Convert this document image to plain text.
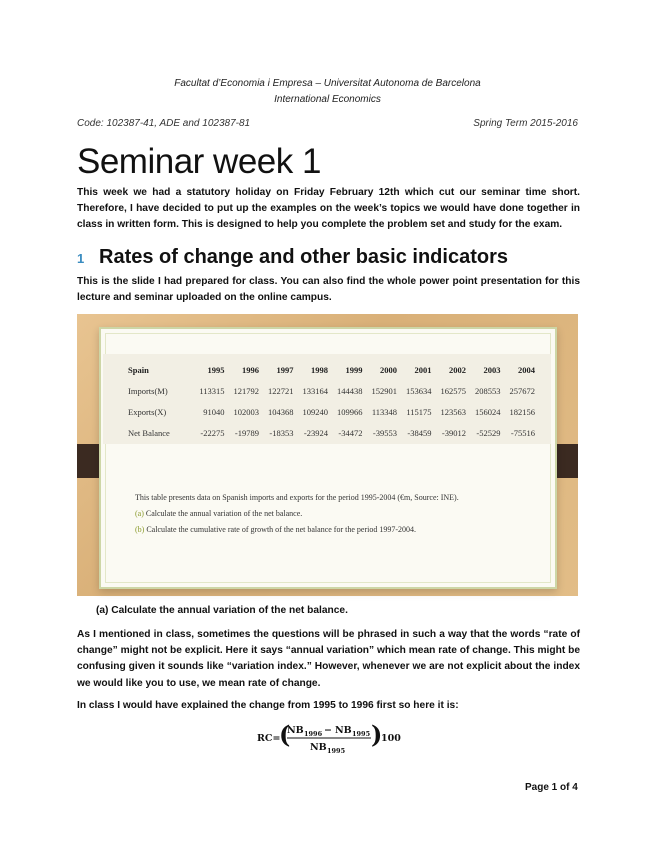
Facultat d’Economia i Empresa – Universitat Autonoma de Barcelona
International Economics
Code: 102387-41, ADE and 102387-81	Spring Term 2015-2016
Seminar week 1

This week we had a statutory holiday on Friday February 12th which cut our seminar time short. Therefore, I have decided to put up the examples on the week’s topics we would have done together in class in written form. This is designed to help you complete the problem set and study for the exam.

1 Rates of change and other basic indicators

This is the slide I had prepared for class. You can also find the whole power point presentation for this lecture and seminar uploaded on the online campus.

Spain	1995	1996	1997	1998	1999	2000	2001	2002	2003	2004
Imports(M)	113315	121792	122721	133164	144438	152901	153634	162575	208553	257672
Exports(X)	91040	102003	104368	109240	109966	113348	115175	123563	156024	182156
Net Balance	-22275	-19789	-18353	-23924	-34472	-39553	-38459	-39012	-52529	-75516
This table presents data on Spanish imports and exports for the period 1995-2004 (€m, Source: INE).
(a) Calculate the annual variation of the net balance.
(b) Calculate the cumulative rate of growth of the net balance for the period 1997-2004.
(a) Calculate the annual variation of the net balance.

As I mentioned in class, sometimes the questions will be phrased in such a way that the words “rate of change” might not be explicit. Here it says “annual variation” which mean rate of change. This might be confusing given it sounds like “variation index.” However, whenever we are not explicit about the index we would like you to use, we mean rate of change.

In class I would have explained the change from 1995 to 1996 first so here it is:

RC=
(
NB 1996 − NB 1995
NB 1995
)
100
Page 1 of 4
